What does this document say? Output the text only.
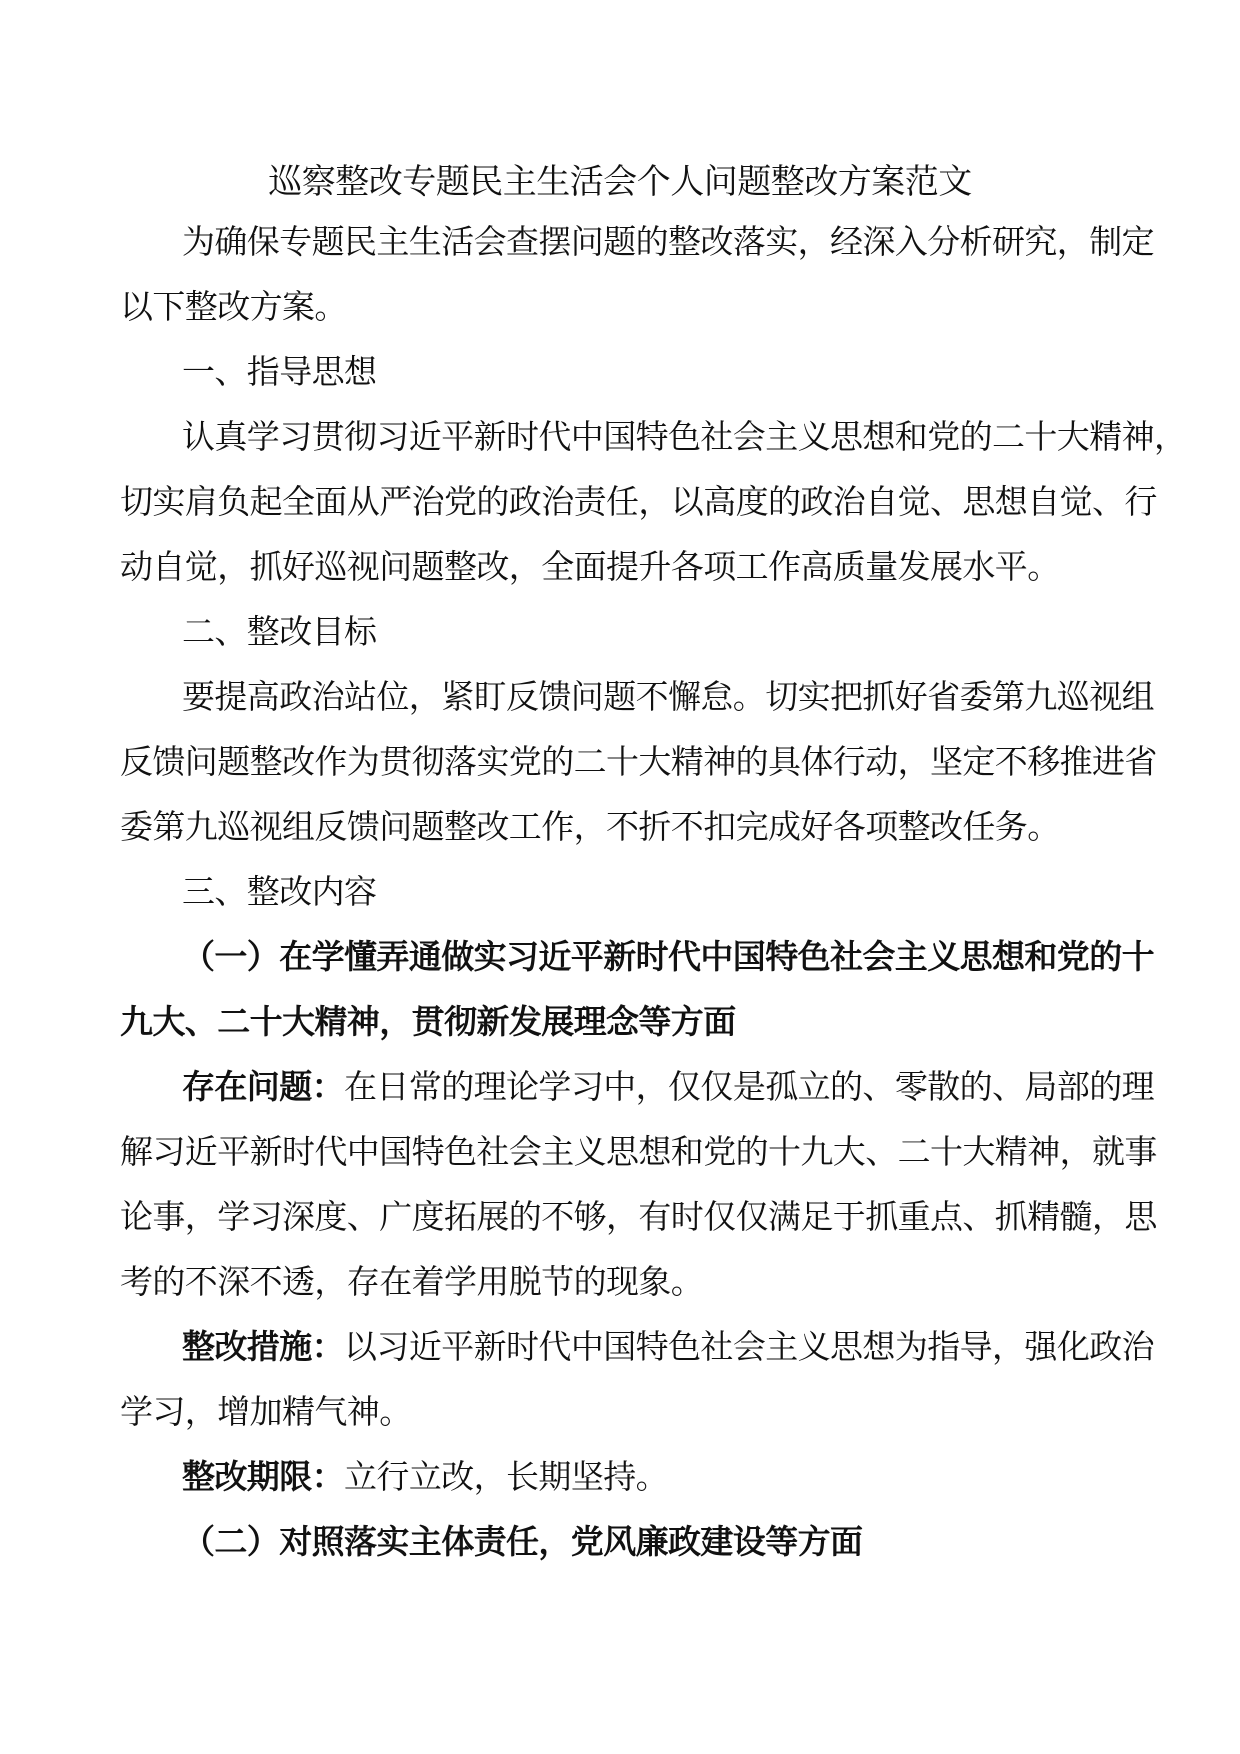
巡察整改专题民主生活会个人问题整改方案范文
为确保专题民主生活会查摆问题的整改落实，经深入分析研究，制定
以下整改方案。
一、指导思想
认真学习贯彻习近平新时代中国特色社会主义思想和党的二十大精神，
切实肩负起全面从严治党的政治责任，以高度的政治自觉、思想自觉、行
动自觉，抓好巡视问题整改，全面提升各项工作高质量发展水平。
二、整改目标
要提高政治站位，紧盯反馈问题不懈怠。切实把抓好省委第九巡视组
反馈问题整改作为贯彻落实党的二十大精神的具体行动，坚定不移推进省
委第九巡视组反馈问题整改工作，不折不扣完成好各项整改任务。
三、整改内容
（一）在学懂弄通做实习近平新时代中国特色社会主义思想和党的十
九大、二十大精神，贯彻新发展理念等方面
存在问题：在日常的理论学习中，仅仅是孤立的、零散的、局部的理
解习近平新时代中国特色社会主义思想和党的十九大、二十大精神，就事
论事，学习深度、广度拓展的不够，有时仅仅满足于抓重点、抓精髓，思
考的不深不透，存在着学用脱节的现象。
整改措施：以习近平新时代中国特色社会主义思想为指导，强化政治
学习，增加精气神。
整改期限：立行立改，长期坚持。
（二）对照落实主体责任，党风廉政建设等方面
